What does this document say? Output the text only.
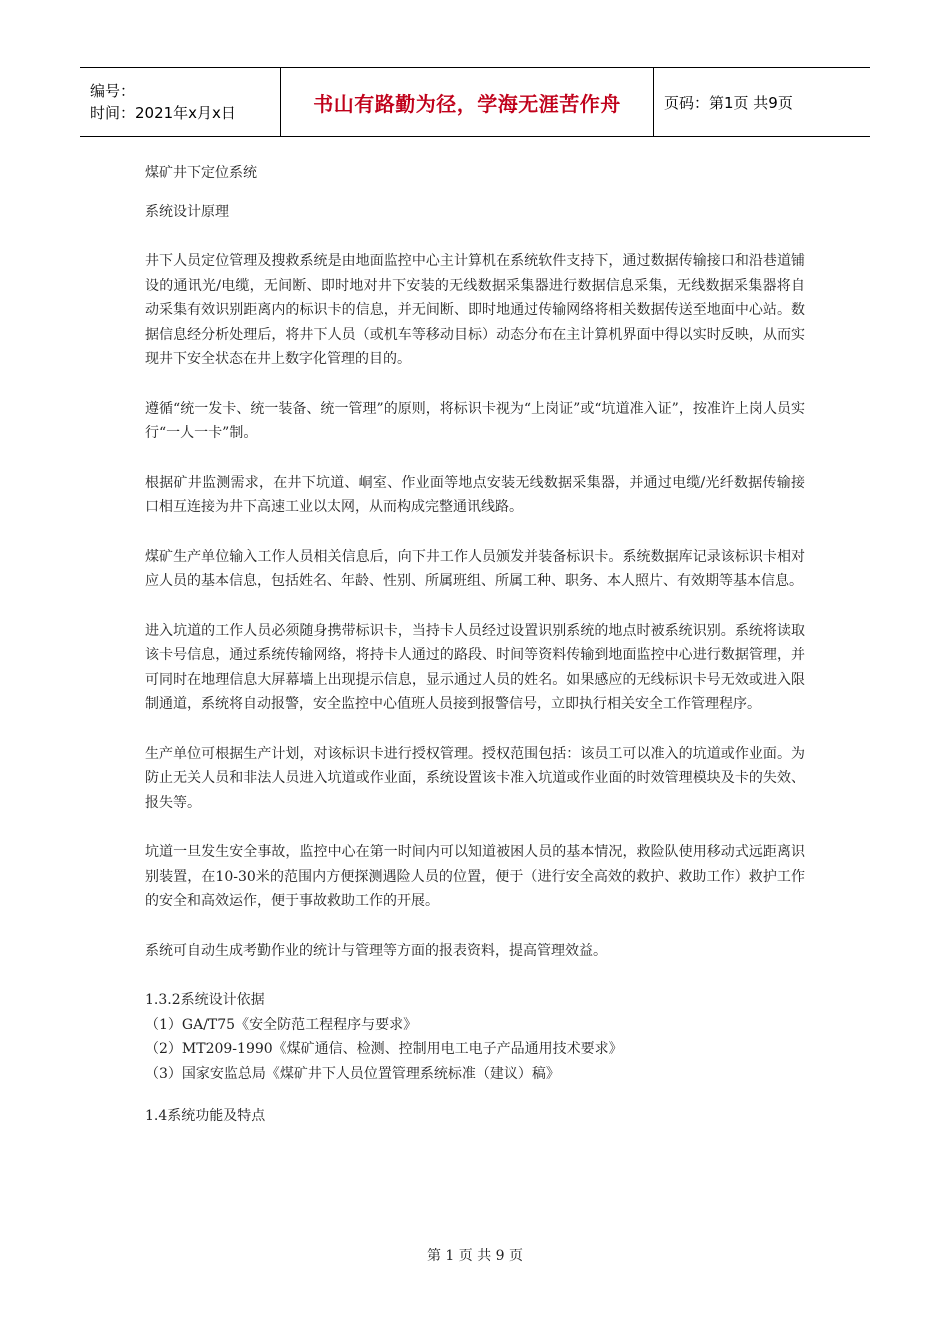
编号：
时间：2021年x月x日	书山有路勤为径，学海无涯苦作舟	页码：第1页 共9页

煤矿井下定位系统

系统设计原理

井下人员定位管理及搜救系统是由地面监控中心主计算机在系统软件支持下，通过数据传输接口和沿巷道铺设的通讯光/电缆，无间断、即时地对井下安装的无线数据采集器进行数据信息采集，无线数据采集器将自动采集有效识别距离内的标识卡的信息，并无间断、即时地通过传输网络将相关数据传送至地面中心站。数据信息经分析处理后，将井下人员（或机车等移动目标）动态分布在主计算机界面中得以实时反映，从而实现井下安全状态在井上数字化管理的目的。

遵循“统一发卡、统一装备、统一管理”的原则，将标识卡视为“上岗证”或“坑道准入证”，按准许上岗人员实行“一人一卡”制。

根据矿井监测需求，在井下坑道、峒室、作业面等地点安装无线数据采集器，并通过电缆/光纤数据传输接口相互连接为井下高速工业以太网，从而构成完整通讯线路。

煤矿生产单位输入工作人员相关信息后，向下井工作人员颁发并装备标识卡。系统数据库记录该标识卡相对应人员的基本信息，包括姓名、年龄、性别、所属班组、所属工种、职务、本人照片、有效期等基本信息。

进入坑道的工作人员必须随身携带标识卡，当持卡人员经过设置识别系统的地点时被系统识别。系统将读取该卡号信息，通过系统传输网络，将持卡人通过的路段、时间等资料传输到地面监控中心进行数据管理，并可同时在地理信息大屏幕墙上出现提示信息，显示通过人员的姓名。如果感应的无线标识卡号无效或进入限制通道，系统将自动报警，安全监控中心值班人员接到报警信号，立即执行相关安全工作管理程序。

生产单位可根据生产计划，对该标识卡进行授权管理。授权范围包括：该员工可以准入的坑道或作业面。为防止无关人员和非法人员进入坑道或作业面，系统设置该卡准入坑道或作业面的时效管理模块及卡的失效、报失等。

坑道一旦发生安全事故，监控中心在第一时间内可以知道被困人员的基本情况，救险队使用移动式远距离识别装置，在10-30米的范围内方便探测遇险人员的位置，便于（进行安全高效的救护、救助工作）救护工作的安全和高效运作，便于事故救助工作的开展。

系统可自动生成考勤作业的统计与管理等方面的报表资料，提高管理效益。

1.3.2系统设计依据

（1）GA/T75《安全防范工程程序与要求》

（2）MT209-1990《煤矿通信、检测、控制用电工电子产品通用技术要求》

（3）国家安监总局《煤矿井下人员位置管理系统标准（建议）稿》

1.4系统功能及特点

第 1 页 共 9 页
